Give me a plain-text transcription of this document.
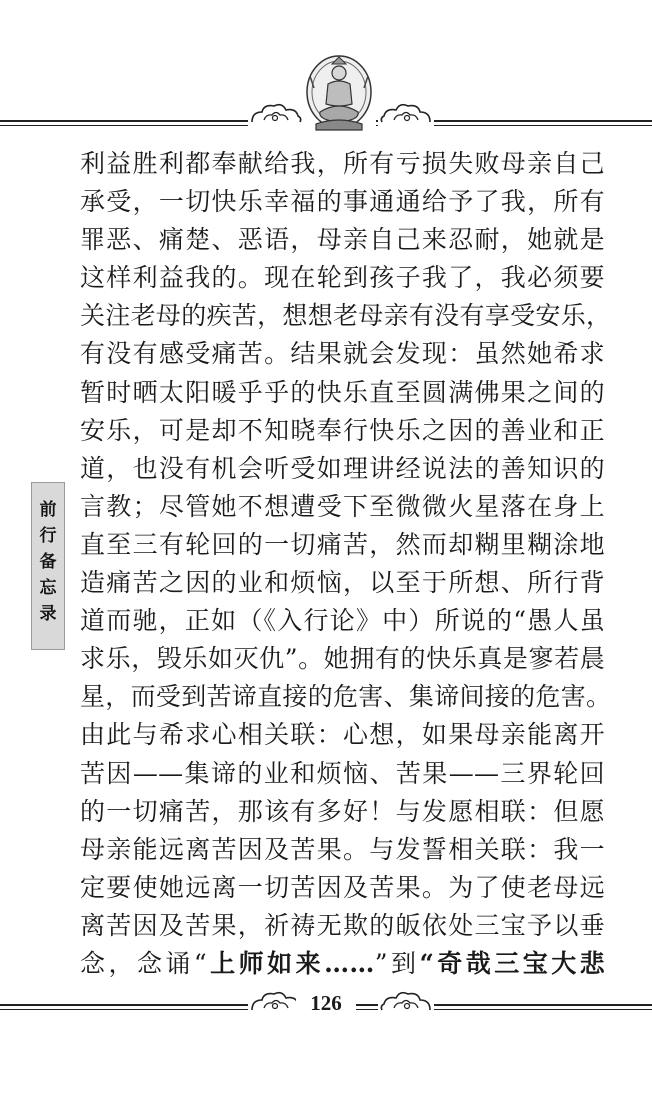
利益胜利都奉献给我，所有亏损失败母亲自己
承受，一切快乐幸福的事通通给予了我，所有
罪恶、痛楚、恶语，母亲自己来忍耐，她就是
这样利益我的。现在轮到孩子我了，我必须要
关注老母的疾苦，想想老母亲有没有享受安乐，
有没有感受痛苦。结果就会发现：虽然她希求
暂时晒太阳暖乎乎的快乐直至圆满佛果之间的
安乐，可是却不知晓奉行快乐之因的善业和正
道，也没有机会听受如理讲经说法的善知识的
言教；尽管她不想遭受下至微微火星落在身上
直至三有轮回的一切痛苦，然而却糊里糊涂地
造痛苦之因的业和烦恼，以至于所想、所行背
道而驰，正如（《入行论》中）所说的“愚人虽
求乐，毁乐如灭仇”。她拥有的快乐真是寥若晨
星，而受到苦谛直接的危害、集谛间接的危害。
由此与希求心相关联：心想，如果母亲能离开
苦因——集谛的业和烦恼、苦果——三界轮回
的一切痛苦，那该有多好！与发愿相联：但愿
母亲能远离苦因及苦果。与发誓相关联：我一
定要使她远离一切苦因及苦果。为了使老母远
离苦因及苦果，祈祷无欺的皈依处三宝予以垂
念，念诵“上师如来……”到“奇哉三宝大悲
前
行
备
忘
录
126
